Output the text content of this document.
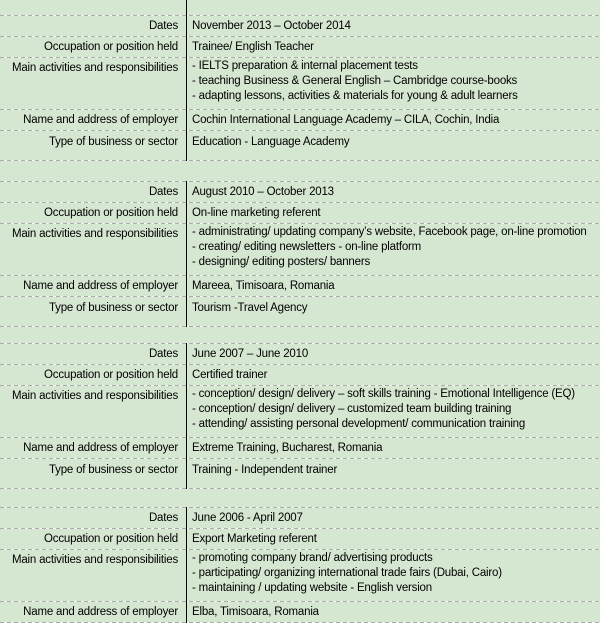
Dates	November 2013 – October 2014
Occupation or position held	Trainee/ English Teacher
Main activities and responsibilities	- IELTS preparation & internal placement tests
- teaching Business & General English – Cambridge course-books
- adapting lessons, activities & materials for young & adult learners
Name and address of employer	Cochin International Language Academy – CILA, Cochin, India
Type of business or sector	Education - Language Academy
Dates	August 2010 – October 2013
Occupation or position held	On-line marketing referent
Main activities and responsibilities	- administrating/ updating company’s website, Facebook page, on-line promotion
- creating/ editing newsletters - on-line platform
- designing/ editing posters/ banners
Name and address of employer	Mareea, Timisoara, Romania
Type of business or sector	Tourism -Travel Agency
Dates	June 2007 – June 2010
Occupation or position held	Certified trainer
Main activities and responsibilities	- conception/ design/ delivery – soft skills training - Emotional Intelligence (EQ)
- conception/ design/ delivery – customized team building training
- attending/ assisting personal development/ communication training
Name and address of employer	Extreme Training, Bucharest, Romania
Type of business or sector	Training - Independent trainer
Dates	June 2006 - April 2007
Occupation or position held	Export Marketing referent
Main activities and responsibilities	- promoting company brand/ advertising products
- participating/ organizing international trade fairs (Dubai, Cairo)
- maintaining / updating website - English version
Name and address of employer	Elba, Timisoara, Romania
